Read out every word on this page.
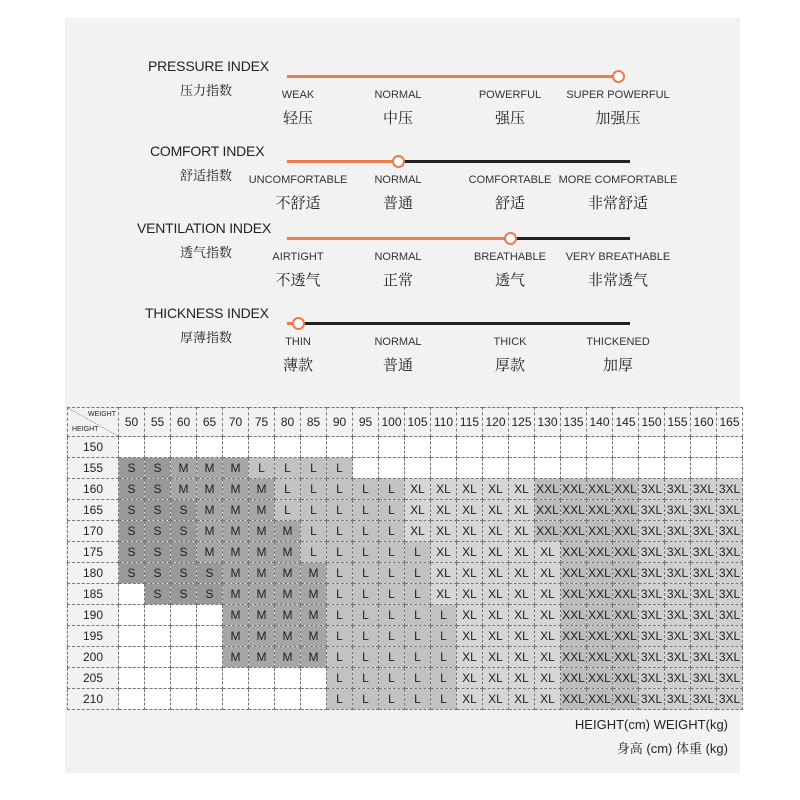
PRESSURE INDEX
压力指数	WEAK
轻压
NORMAL
中压
POWERFUL
强压
SUPER POWERFUL
加强压
COMFORT INDEX
舒适指数	UNCOMFORTABLE
不舒适
NORMAL
普通
COMFORTABLE
舒适
MORE COMFORTABLE
非常舒适
VENTILATION INDEX
透气指数	AIRTIGHT
不透气
NORMAL
正常
BREATHABLE
透气
VERY BREATHABLE
非常透气
THICKNESS INDEX
厚薄指数	THIN
薄款
NORMAL
普通
THICK
厚款
THICKENED
加厚
WEIGHT
HEIGHT	50	55	60	65	70	75	80	85	90	95	100	105	110	115	120	125	130	135	140	145	150	155	160	165
150																								
155	S	S	M	M	M	L	L	L	L															
160	S	S	M	M	M	M	L	L	L	L	L	XL	XL	XL	XL	XL	XXL	XXL	XXL	XXL	3XL	3XL	3XL	3XL
165	S	S	S	M	M	M	L	L	L	L	L	XL	XL	XL	XL	XL	XXL	XXL	XXL	XXL	3XL	3XL	3XL	3XL
170	S	S	S	M	M	M	M	L	L	L	L	XL	XL	XL	XL	XL	XXL	XXL	XXL	XXL	3XL	3XL	3XL	3XL
175	S	S	S	M	M	M	M	L	L	L	L	L	XL	XL	XL	XL	XL	XXL	XXL	XXL	3XL	3XL	3XL	3XL
180	S	S	S	S	M	M	M	M	L	L	L	L	XL	XL	XL	XL	XL	XXL	XXL	XXL	3XL	3XL	3XL	3XL
185		S	S	S	M	M	M	M	L	L	L	L	XL	XL	XL	XL	XL	XXL	XXL	XXL	3XL	3XL	3XL	3XL
190					M	M	M	M	L	L	L	L	L	XL	XL	XL	XL	XXL	XXL	XXL	3XL	3XL	3XL	3XL
195					M	M	M	M	L	L	L	L	L	XL	XL	XL	XL	XXL	XXL	XXL	3XL	3XL	3XL	3XL
200					M	M	M	M	L	L	L	L	L	XL	XL	XL	XL	XXL	XXL	XXL	3XL	3XL	3XL	3XL
205									L	L	L	L	L	XL	XL	XL	XL	XXL	XXL	XXL	3XL	3XL	3XL	3XL
210									L	L	L	L	L	XL	XL	XL	XL	XXL	XXL	XXL	3XL	3XL	3XL	3XL
HEIGHT(cm) WEIGHT(kg)
身高 (cm) 体重 (kg)
